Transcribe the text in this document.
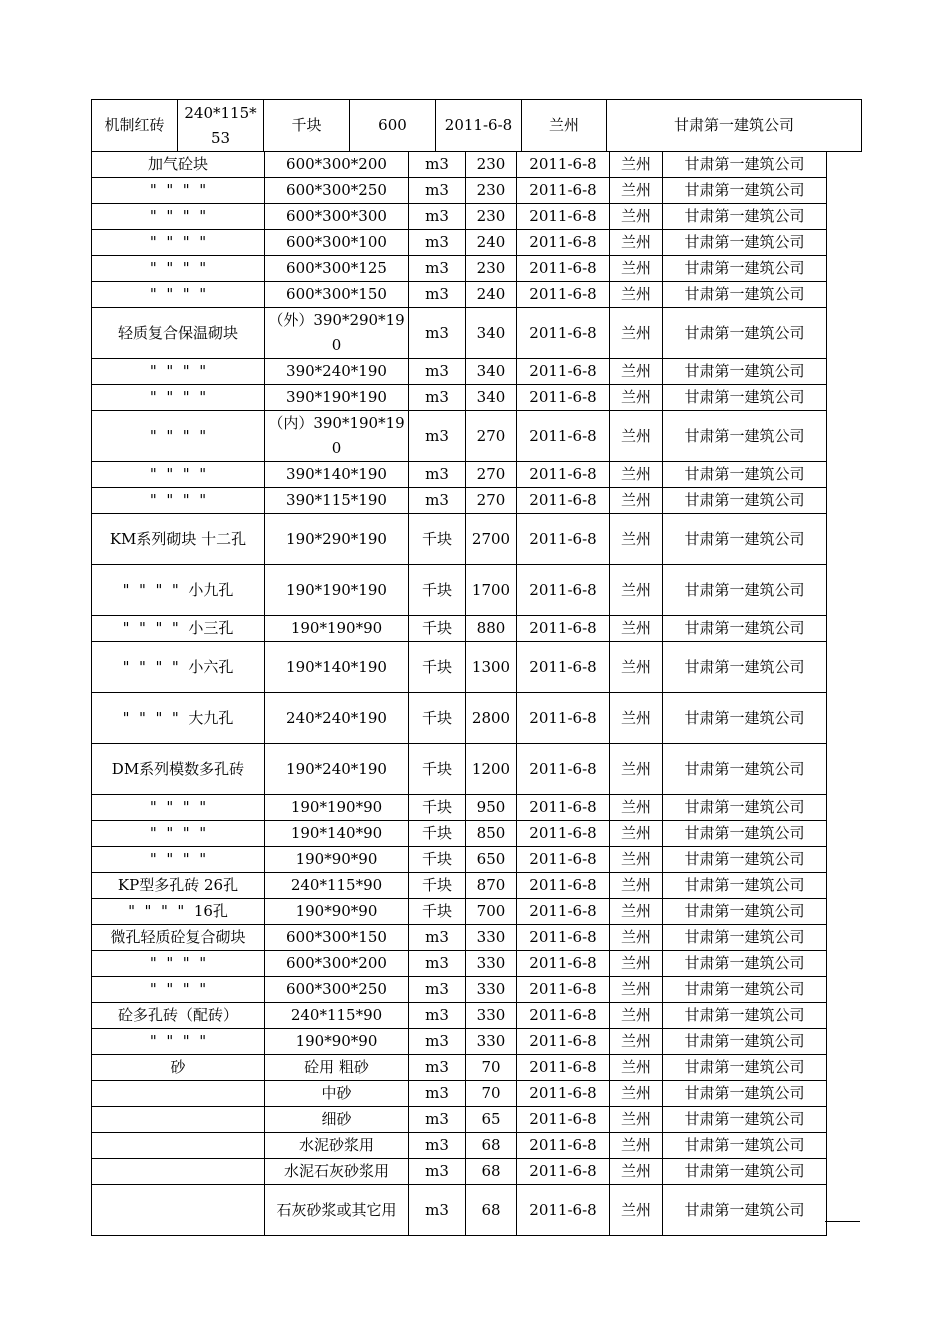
机制红砖	240*115*53	千块	600	2011-6-8	兰州	甘肃第一建筑公司
加气砼块	600*300*200	m3	230	2011-6-8	兰州	甘肃第一建筑公司
"  "  "  "	600*300*250	m3	230	2011-6-8	兰州	甘肃第一建筑公司
"  "  "  "	600*300*300	m3	230	2011-6-8	兰州	甘肃第一建筑公司
"  "  "  "	600*300*100	m3	240	2011-6-8	兰州	甘肃第一建筑公司
"  "  "  "	600*300*125	m3	230	2011-6-8	兰州	甘肃第一建筑公司
"  "  "  "	600*300*150	m3	240	2011-6-8	兰州	甘肃第一建筑公司
轻质复合保温砌块	（外）390*290*190	m3	340	2011-6-8	兰州	甘肃第一建筑公司
"  "  "  "	390*240*190	m3	340	2011-6-8	兰州	甘肃第一建筑公司
"  "  "  "	390*190*190	m3	340	2011-6-8	兰州	甘肃第一建筑公司
"  "  "  "	（内）390*190*190	m3	270	2011-6-8	兰州	甘肃第一建筑公司
"  "  "  "	390*140*190	m3	270	2011-6-8	兰州	甘肃第一建筑公司
"  "  "  "	390*115*190	m3	270	2011-6-8	兰州	甘肃第一建筑公司
KM系列砌块 十二孔	190*290*190	千块	2700	2011-6-8	兰州	甘肃第一建筑公司
"  "  "  "  小九孔	190*190*190	千块	1700	2011-6-8	兰州	甘肃第一建筑公司
"  "  "  "  小三孔	190*190*90	千块	880	2011-6-8	兰州	甘肃第一建筑公司
"  "  "  "  小六孔	190*140*190	千块	1300	2011-6-8	兰州	甘肃第一建筑公司
"  "  "  "  大九孔	240*240*190	千块	2800	2011-6-8	兰州	甘肃第一建筑公司
DM系列模数多孔砖	190*240*190	千块	1200	2011-6-8	兰州	甘肃第一建筑公司
"  "  "  "	190*190*90	千块	950	2011-6-8	兰州	甘肃第一建筑公司
"  "  "  "	190*140*90	千块	850	2011-6-8	兰州	甘肃第一建筑公司
"  "  "  "	190*90*90	千块	650	2011-6-8	兰州	甘肃第一建筑公司
KP型多孔砖 26孔	240*115*90	千块	870	2011-6-8	兰州	甘肃第一建筑公司
"  "  "  "  16孔	190*90*90	千块	700	2011-6-8	兰州	甘肃第一建筑公司
微孔轻质砼复合砌块	600*300*150	m3	330	2011-6-8	兰州	甘肃第一建筑公司
"  "  "  "	600*300*200	m3	330	2011-6-8	兰州	甘肃第一建筑公司
"  "  "  "	600*300*250	m3	330	2011-6-8	兰州	甘肃第一建筑公司
砼多孔砖（配砖）	240*115*90	m3	330	2011-6-8	兰州	甘肃第一建筑公司
"  "  "  "	190*90*90	m3	330	2011-6-8	兰州	甘肃第一建筑公司
砂	砼用 粗砂	m3	70	2011-6-8	兰州	甘肃第一建筑公司
	中砂	m3	70	2011-6-8	兰州	甘肃第一建筑公司
	细砂	m3	65	2011-6-8	兰州	甘肃第一建筑公司
	水泥砂浆用	m3	68	2011-6-8	兰州	甘肃第一建筑公司
	水泥石灰砂浆用	m3	68	2011-6-8	兰州	甘肃第一建筑公司
	石灰砂浆或其它用	m3	68	2011-6-8	兰州	甘肃第一建筑公司
